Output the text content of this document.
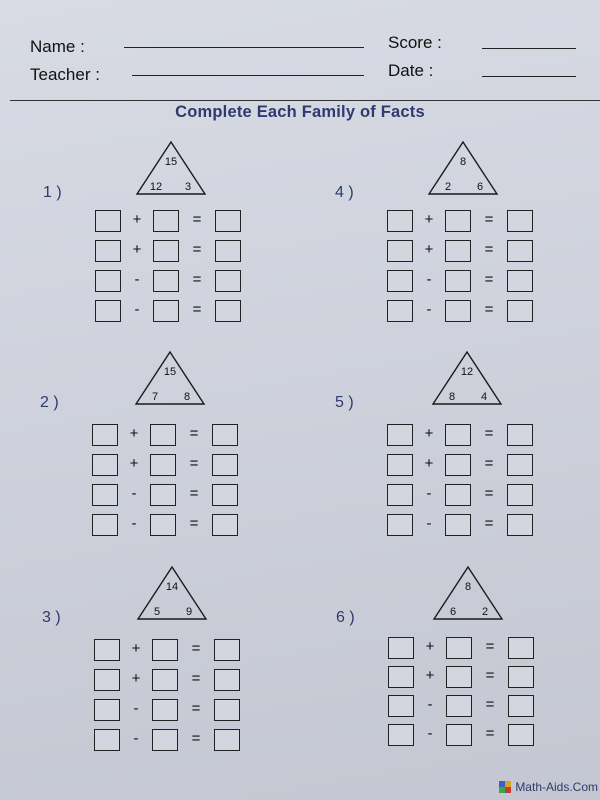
Name :	Score :
Teacher :	Date :
Complete Each Family of Facts
1 )
15
12	3
+	=
+	=
-	=
-	=
4 )
8
2	6
+	=
+	=
-	=
-	=
2 )
15
7	8
+	=
+	=
-	=
-	=
5 )
12
8	4
+	=
+	=
-	=
-	=
3 )
14
5	9
+	=
+	=
-	=
-	=
6 )
8
6	2
+	=
+	=
-	=
-	=
Math-Aids.Com
